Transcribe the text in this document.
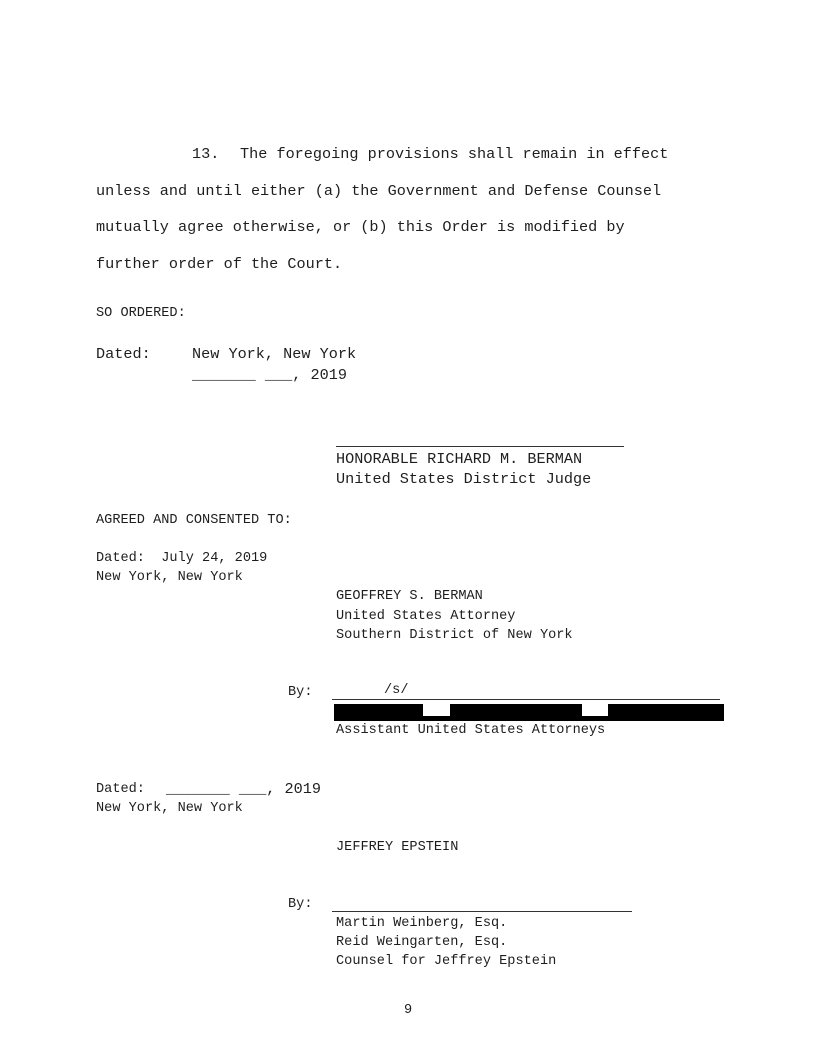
13. The foregoing provisions shall remain in effect
unless and until either (a) the Government and Defense Counsel
mutually agree otherwise, or (b) this Order is modified by
further order of the Court.
SO ORDERED:
Dated:	New York, New York
_______ ___, 2019
HONORABLE RICHARD M. BERMAN
United States District Judge
AGREED AND CONSENTED TO:
Dated:  July 24, 2019
New York, New York
GEOFFREY S. BERMAN
United States Attorney
Southern District of New York
By:	/s/
Assistant United States Attorneys
Dated: _______ ___, 2019
New York, New York
JEFFREY EPSTEIN
By:
Martin Weinberg, Esq.
Reid Weingarten, Esq.
Counsel for Jeffrey Epstein
9
